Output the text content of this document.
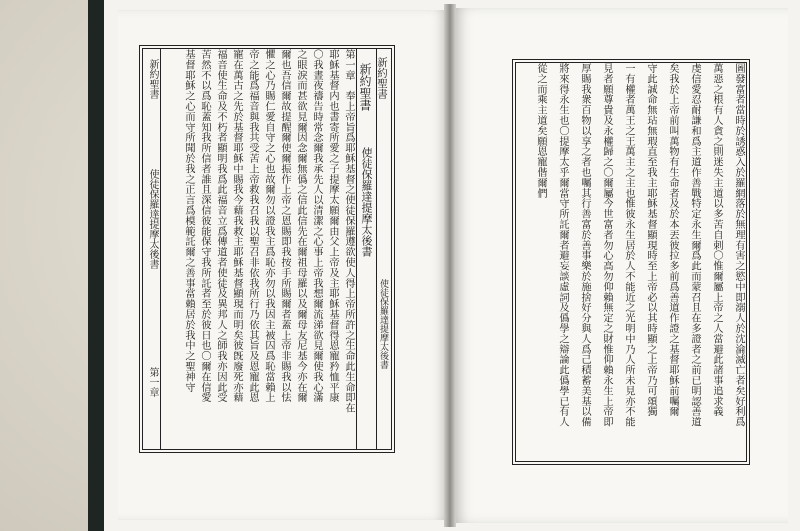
新約聖書
使徒保羅達提摩太後書
新約聖書
使徒保羅達提摩太後書
第一章　奉上帝旨爲耶穌基督之使徒保羅遵欲使人得上帝所許之生命此生命即在
耶穌基督内也書寄所愛之子提摩太願爾由父上帝及主耶穌基督得恩寵矜恤平康
〇我晝夜禱告時常念爾我承先人以清潔之心事上帝我想爾流涕欲見爾使我心滿
之眼淚而甚欲見爾因念爾無僞之信此信先在爾祖母羅以及爾母友尼基今亦在爾
爾也吾信爾故提醒爾使爾振作上帝之恩賜即我按手所賜爾者蓋上帝非賜我以怯
懼之心乃賜仁愛自守之心也故爾勿以證我主爲恥亦勿以我因主被囚爲恥當賴上
帝之能爲福音與我共受苦上帝救我召我以聖召非依我所行乃依其旨及恩寵此恩
寵在萬古之先於基督耶穌中賜我今藉我救主耶穌基督顯現而明矣彼旣廢死亦藉
福音使生命及不朽者顯明我爲此福音立爲傳道者使徒及異邦人之師我亦因此受
苦然不以爲恥蓋知我所信者誰且深信彼能保守我所託者至於彼日也〇爾在信愛
基督耶穌之心而守所聞於我之正言爲模範託爾之善事當賴居於我中之聖神守
新約聖書
使徒保羅達提摩太後書
第一章	圖發富者當時於誘惑入於羅網落於無理有害之慾中即溺人於沈淪滅亡者矣好利爲
萬惡之根有人貪之則迷失主道以多苦自刺〇惟爾屬上帝之人當避此諸事追求義
虔信愛忍耐謙和爲主道作善戰特定永生爾爲此而蒙召且在多證者之前已明認善道
矣我於上帝前叫萬物有生命者及於本丟彼拉多前爲善道作證之基督耶穌前囑爾
守此誠命無玷無瑕直至我主耶穌基督顯現時至上帝必以其時顯之上帝乃可頌獨
一有權者萬王之王萬主之主也惟彼永生居於人不能近之光明中乃人所未見亦不能
見者願尊貴及永權歸之〇爾屬今世富者勿心高勿仰賴無定之財惟仰賴永生上帝即
厚賜我衆百物以享之者也囑其行善富於善事樂於施捨好分與人爲己積蓄美基以備
將來得永生也〇提摩太乎爾當守所託爾者避妄談虛詞及僞學之辯論此僞學已有人
從之而乘主道矣願恩寵偕爾們
